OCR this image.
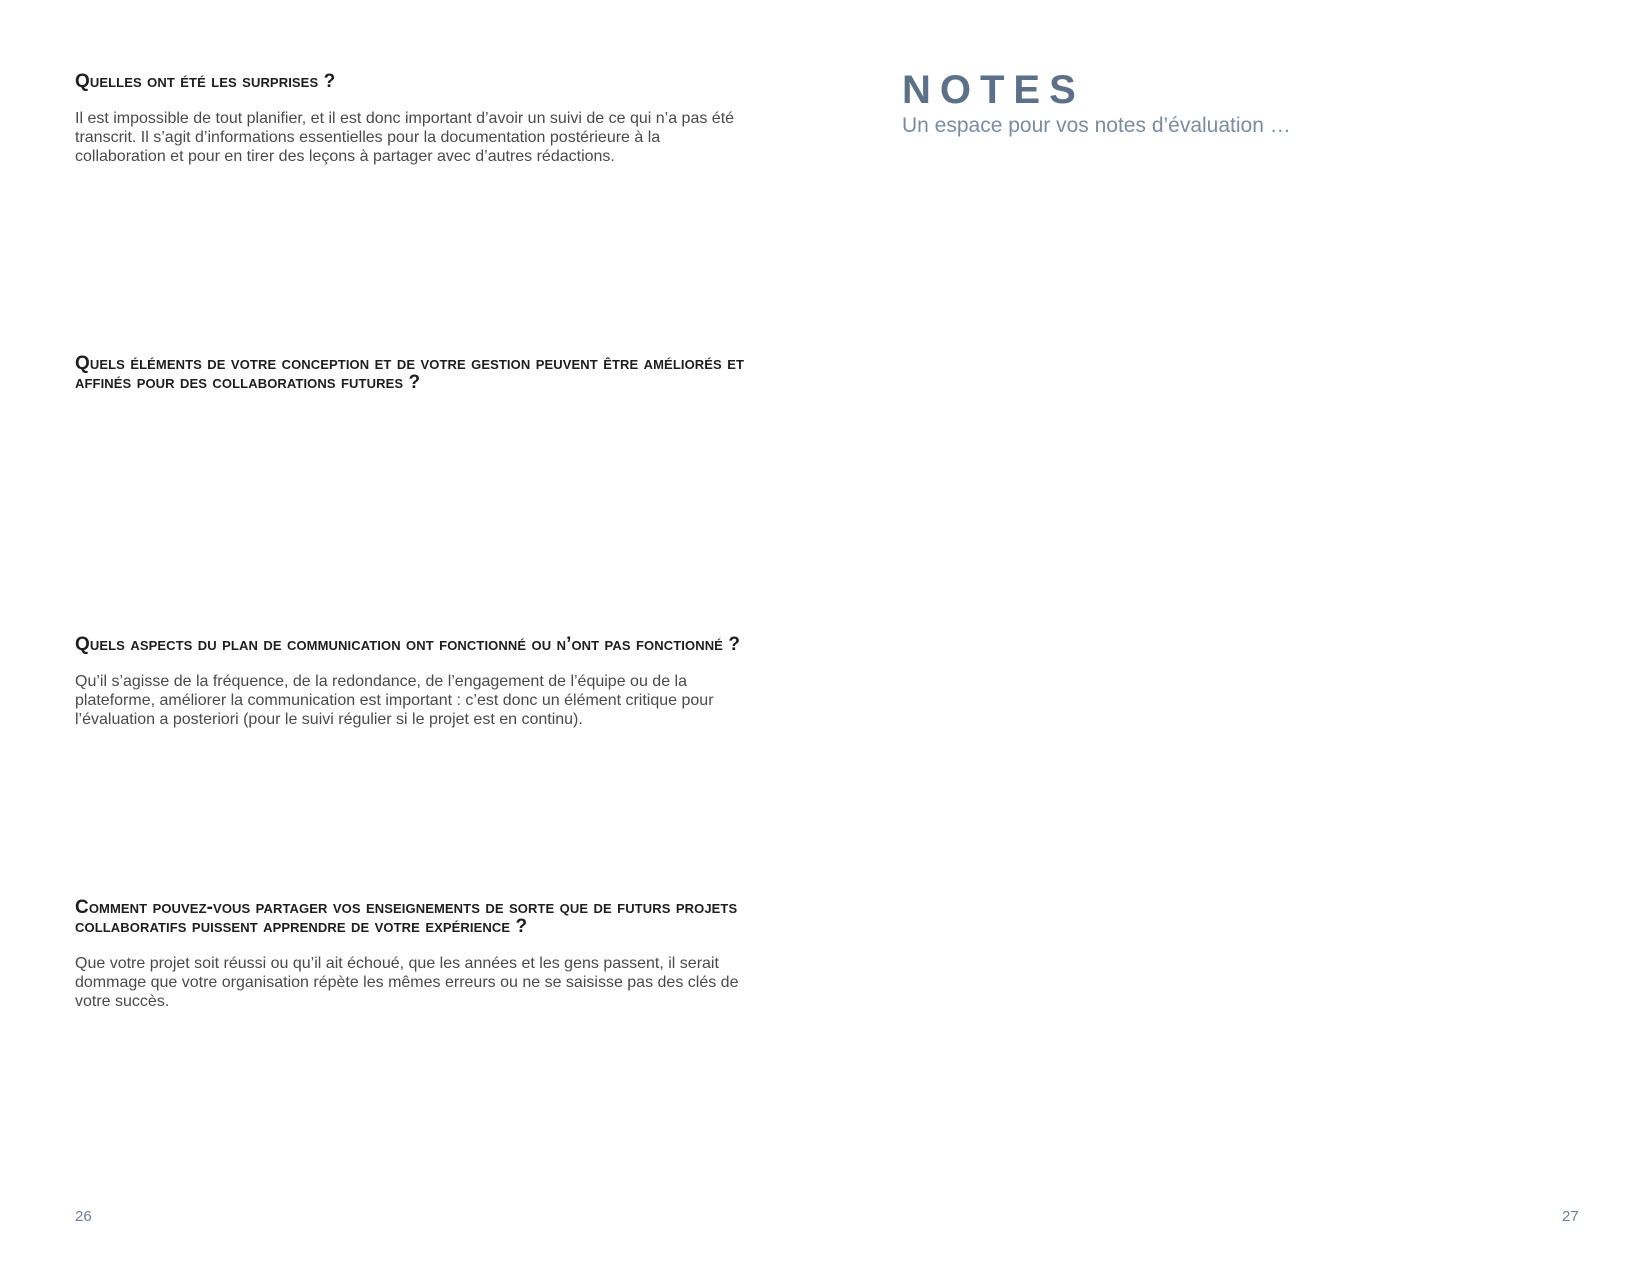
Quelles ont été les surprises ?

Il est impossible de tout planifier, et il est donc important d’avoir un suivi de ce qui n’a pas été transcrit. Il s’agit d’informations essentielles pour la documentation postérieure à la collaboration et pour en tirer des leçons à partager avec d’autres rédactions.

Quels éléments de votre conception et de votre gestion peuvent être améliorés et affinés pour des collaborations futures ?
Quels aspects du plan de communication ont fonctionné ou n’ont pas fonctionné ?

Qu’il s’agisse de la fréquence, de la redondance, de l’engagement de l’équipe ou de la plateforme, améliorer la communication est important : c’est donc un élément critique pour l’évaluation a posteriori (pour le suivi régulier si le projet est en continu).

Comment pouvez-vous partager vos enseignements de sorte que de futurs projets collaboratifs puissent apprendre de votre expérience ?

Que votre projet soit réussi ou qu’il ait échoué, que les années et les gens passent, il serait dommage que votre organisation répète les mêmes erreurs ou ne se saisisse pas des clés de votre succès.

26
NOTES

Un espace pour vos notes d’évaluation …

27
